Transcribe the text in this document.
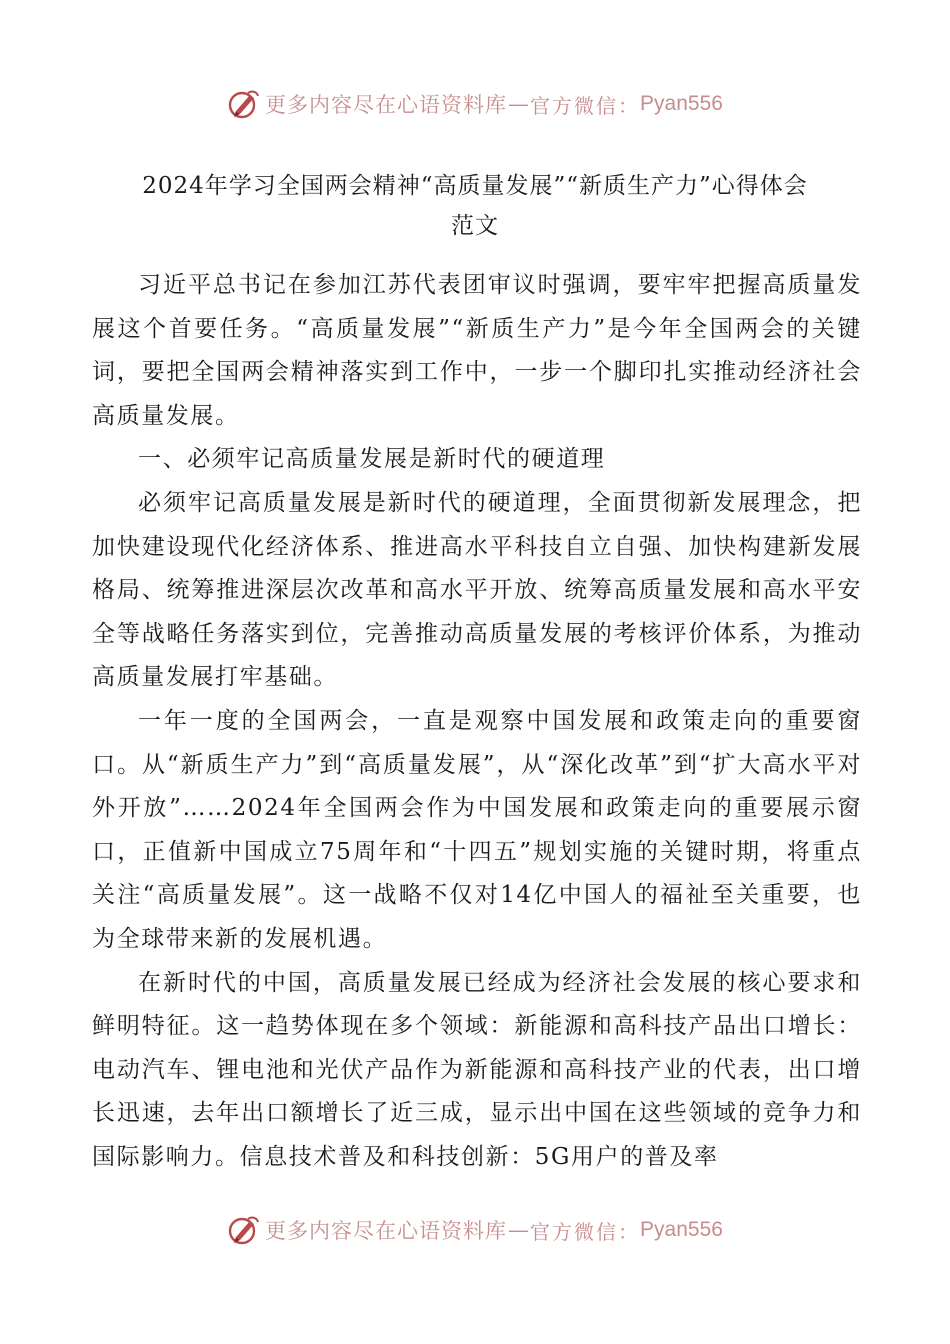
更多内容尽在心语资料库 — 官方微信： Pyan556
2024年学习全国两会精神“高质量发展”“新质生产力”心得体会
范文

习近平总书记在参加江苏代表团审议时强调，要牢牢把握高质量发展这个首要任务。“高质量发展”“新质生产力”是今年全国两会的关键词，要把全国两会精神落实到工作中，一步一个脚印扎实推动经济社会高质量发展。

一、必须牢记高质量发展是新时代的硬道理

必须牢记高质量发展是新时代的硬道理，全面贯彻新发展理念，把加快建设现代化经济体系、推进高水平科技自立自强、加快构建新发展格局、统筹推进深层次改革和高水平开放、统筹高质量发展和高水平安全等战略任务落实到位，完善推动高质量发展的考核评价体系，为推动高质量发展打牢基础。

一年一度的全国两会，一直是观察中国发展和政策走向的重要窗口。从“新质生产力”到“高质量发展”，从“深化改革”到“扩大高水平对外开放”……2024年全国两会作为中国发展和政策走向的重要展示窗口，正值新中国成立75周年和“十四五”规划实施的关键时期，将重点关注“高质量发展”。这一战略不仅对14亿中国人的福祉至关重要，也为全球带来新的发展机遇。

在新时代的中国，高质量发展已经成为经济社会发展的核心要求和鲜明特征。这一趋势体现在多个领域：新能源和高科技产品出口增长：电动汽车、锂电池和光伏产品作为新能源和高科技产业的代表，出口增长迅速，去年出口额增长了近三成，显示出中国在这些领域的竞争力和国际影响力。信息技术普及和科技创新：5G用户的普及率

更多内容尽在心语资料库 — 官方微信： Pyan556
